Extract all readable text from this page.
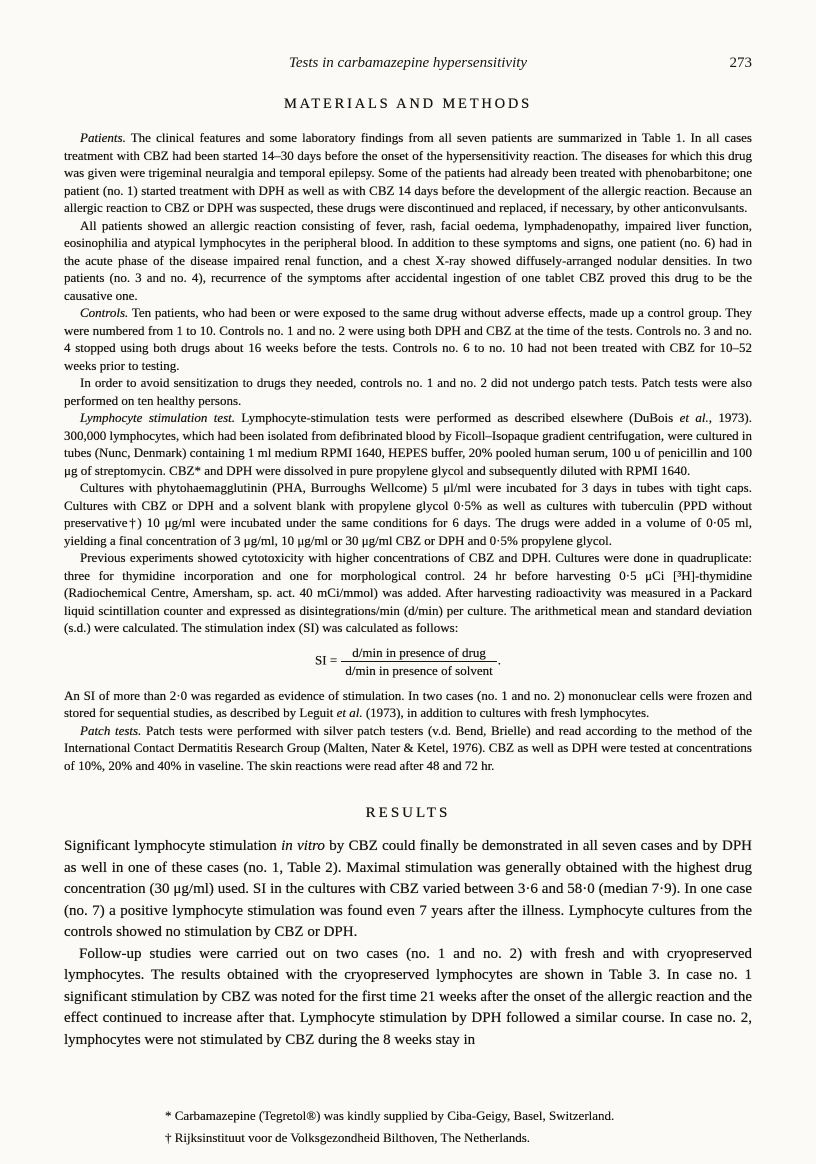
Tests in carbamazepine hypersensitivity	273
MATERIALS AND METHODS

Patients. The clinical features and some laboratory findings from all seven patients are summarized in Table 1. In all cases treatment with CBZ had been started 14–30 days before the onset of the hypersensitivity reaction. The diseases for which this drug was given were trigeminal neuralgia and temporal epilepsy. Some of the patients had already been treated with phenobarbitone; one patient (no. 1) started treatment with DPH as well as with CBZ 14 days before the development of the allergic reaction. Because an allergic reaction to CBZ or DPH was suspected, these drugs were discontinued and replaced, if necessary, by other anticonvulsants.

All patients showed an allergic reaction consisting of fever, rash, facial oedema, lymphadenopathy, impaired liver function, eosinophilia and atypical lymphocytes in the peripheral blood. In addition to these symptoms and signs, one patient (no. 6) had in the acute phase of the disease impaired renal function, and a chest X-ray showed diffusely-arranged nodular densities. In two patients (no. 3 and no. 4), recurrence of the symptoms after accidental ingestion of one tablet CBZ proved this drug to be the causative one.

Controls. Ten patients, who had been or were exposed to the same drug without adverse effects, made up a control group. They were numbered from 1 to 10. Controls no. 1 and no. 2 were using both DPH and CBZ at the time of the tests. Controls no. 3 and no. 4 stopped using both drugs about 16 weeks before the tests. Controls no. 6 to no. 10 had not been treated with CBZ for 10–52 weeks prior to testing.

In order to avoid sensitization to drugs they needed, controls no. 1 and no. 2 did not undergo patch tests. Patch tests were also performed on ten healthy persons.

Lymphocyte stimulation test. Lymphocyte-stimulation tests were performed as described elsewhere (DuBois et al., 1973). 300,000 lymphocytes, which had been isolated from defibrinated blood by Ficoll–Isopaque gradient centrifugation, were cultured in tubes (Nunc, Denmark) containing 1 ml medium RPMI 1640, HEPES buffer, 20% pooled human serum, 100 u of penicillin and 100 μg of streptomycin. CBZ* and DPH were dissolved in pure propylene glycol and subsequently diluted with RPMI 1640.

Cultures with phytohaemagglutinin (PHA, Burroughs Wellcome) 5 μl/ml were incubated for 3 days in tubes with tight caps. Cultures with CBZ or DPH and a solvent blank with propylene glycol 0·5% as well as cultures with tuberculin (PPD without preservative†) 10 μg/ml were incubated under the same conditions for 6 days. The drugs were added in a volume of 0·05 ml, yielding a final concentration of 3 μg/ml, 10 μg/ml or 30 μg/ml CBZ or DPH and 0·5% propylene glycol.

Previous experiments showed cytotoxicity with higher concentrations of CBZ and DPH. Cultures were done in quadruplicate: three for thymidine incorporation and one for morphological control. 24 hr before harvesting 0·5 μCi [³H]-thymidine (Radiochemical Centre, Amersham, sp. act. 40 mCi/mmol) was added. After harvesting radioactivity was measured in a Packard liquid scintillation counter and expressed as disintegrations/min (d/min) per culture. The arithmetical mean and standard deviation (s.d.) were calculated. The stimulation index (SI) was calculated as follows:

SI = $\frac{\text{d/min in presence of drug}}{\text{d/min in presence of solvent}}$ .

An SI of more than 2·0 was regarded as evidence of stimulation. In two cases (no. 1 and no. 2) mononuclear cells were frozen and stored for sequential studies, as described by Leguit et al. (1973), in addition to cultures with fresh lymphocytes.

Patch tests. Patch tests were performed with silver patch testers (v.d. Bend, Brielle) and read according to the method of the International Contact Dermatitis Research Group (Malten, Nater & Ketel, 1976). CBZ as well as DPH were tested at concentrations of 10%, 20% and 40% in vaseline. The skin reactions were read after 48 and 72 hr.

RESULTS

Significant lymphocyte stimulation in vitro by CBZ could finally be demonstrated in all seven cases and by DPH as well in one of these cases (no. 1, Table 2). Maximal stimulation was generally obtained with the highest drug concentration (30 μg/ml) used. SI in the cultures with CBZ varied between 3·6 and 58·0 (median 7·9). In one case (no. 7) a positive lymphocyte stimulation was found even 7 years after the illness. Lymphocyte cultures from the controls showed no stimulation by CBZ or DPH.

Follow-up studies were carried out on two cases (no. 1 and no. 2) with fresh and with cryopreserved lymphocytes. The results obtained with the cryopreserved lymphocytes are shown in Table 3. In case no. 1 significant stimulation by CBZ was noted for the first time 21 weeks after the onset of the allergic reaction and the effect continued to increase after that. Lymphocyte stimulation by DPH followed a similar course. In case no. 2, lymphocytes were not stimulated by CBZ during the 8 weeks stay in

* Carbamazepine (Tegretol®) was kindly supplied by Ciba-Geigy, Basel, Switzerland.

† Rijksinstituut voor de Volksgezondheid Bilthoven, The Netherlands.
